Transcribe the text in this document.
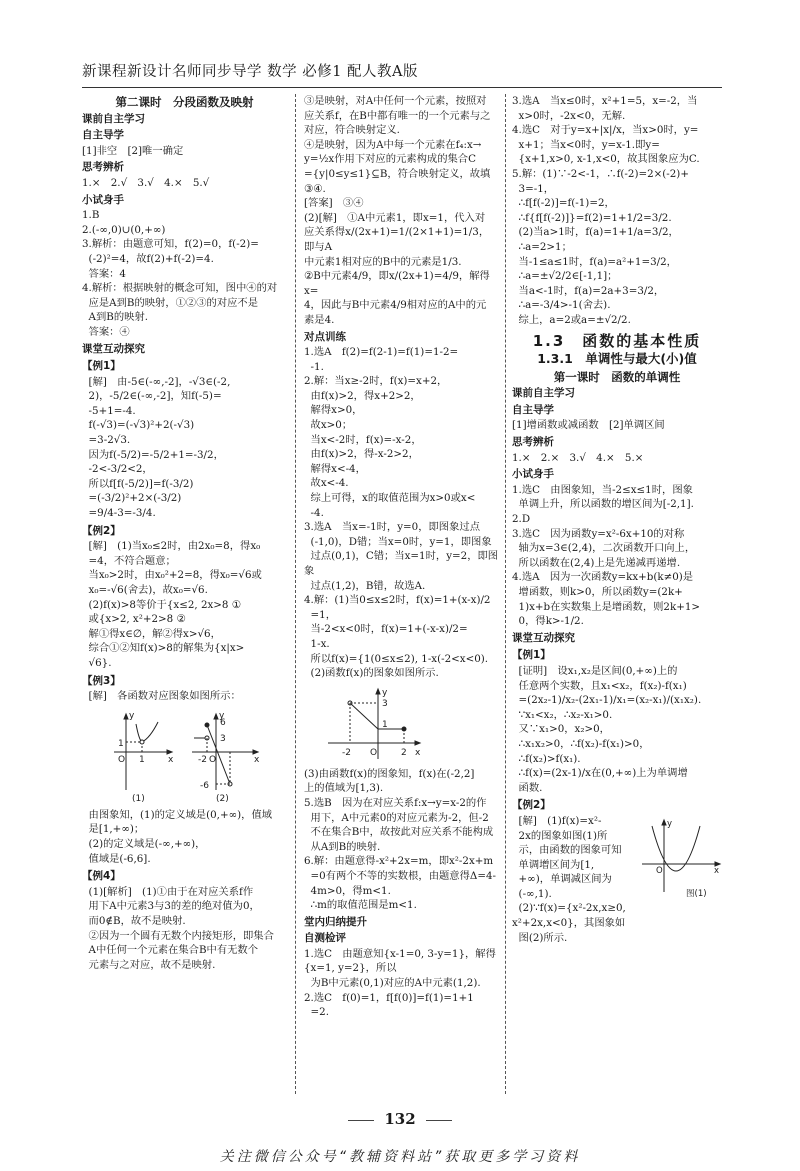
新课程新设计名师同步导学 数学 必修1 配人教A版
第二课时　分段函数及映射
课前自主学习
自主导学
[1]非空　[2]唯一确定
思考辨析
1.×　2.√　3.√　4.×　5.√
小试身手
1.B
2.(-∞,0)∪(0,+∞)
3.解析：由题意可知，f(2)=0，f(-2)=
(-2)²=4，故f(2)+f(-2)=4.
答案：4
4.解析：根据映射的概念可知，图中④的对
应是A到B的映射，①②③的对应不是
A到B的映射.
答案：④
课堂互动探究
【例1】
[解]　由-5∈(-∞,-2]，-√3∈(-2,
2)，-5/2∈(-∞,-2]，知f(-5)=
-5+1=-4.
f(-√3)=(-√3)²+2(-√3)
=3-2√3.
因为f(-5/2)=-5/2+1=-3/2，
-2<-3/2<2，
所以f[f(-5/2)]=f(-3/2)
=(-3/2)²+2×(-3/2)
=9/4-3=-3/4.
【例2】
[解]　(1)当x₀≤2时，由2x₀=8，得x₀
=4，不符合题意；
当x₀>2时，由x₀²+2=8，得x₀=√6或
x₀=-√6(舍去)，故x₀=√6.
(2)f(x)>8等价于{x≤2, 2x>8 ①
或{x>2, x²+2>8 ②
解①得x∈∅，解②得x>√6，
综合①②知f(x)>8的解集为{x|x>
√6}.
【例3】
[解]　各函数对应图象如图所示：
1
O 1	x
y
6
3
-2 O
-6
x
y
(1)	(2)
由图象知，(1)的定义域是(0,+∞)，值域
是[1,+∞)；
(2)的定义域是(-∞,+∞)，
值域是(-6,6].
【例4】
(1)[解析]　(1)①由于在对应关系f作
用下A中元素3与3的差的绝对值为0，
而0∉B，故不是映射.
②因为一个圆有无数个内接矩形，即集合
A中任何一个元素在集合B中有无数个
元素与之对应，故不是映射.
③是映射，对A中任何一个元素，按照对
应关系f，在B中都有唯一的一个元素与之
对应，符合映射定义.
④是映射，因为A中每一个元素在f₄:x→
y=½x作用下对应的元素构成的集合C
={y|0≤y≤1}⊆B，符合映射定义，故填
③④.
[答案]　③④
(2)[解]　①A中元素1，即x=1，代入对
应关系得x/(2x+1)=1/(2×1+1)=1/3，即与A
中元素1相对应的B中的元素是1/3.
②B中元素4/9，即x/(2x+1)=4/9，解得x=
4，因此与B中元素4/9相对应的A中的元
素是4.
对点训练
1.选A　f(2)=f(2-1)=f(1)=1-2=
-1.
2.解：当x≥-2时，f(x)=x+2，
由f(x)>2，得x+2>2，
解得x>0，
故x>0；
当x<-2时，f(x)=-x-2，
由f(x)>2，得-x-2>2，
解得x<-4，
故x<-4.
综上可得，x的取值范围为x>0或x<
-4.
3.选A　当x=-1时，y=0，即图象过点
(-1,0)，D错；当x=0时，y=1，即图象
过点(0,1)，C错；当x=1时，y=2，即图象
过点(1,2)，B错，故选A.
4.解：(1)当0≤x≤2时，f(x)=1+(x-x)/2
=1，
当-2<x<0时，f(x)=1+(-x-x)/2=
1-x.
所以f(x)={1(0≤x≤2), 1-x(-2<x<0).
(2)函数f(x)的图象如图所示.
y
3
1
-2 O	2 x
(3)由函数f(x)的图象知，f(x)在(-2,2]
上的值域为[1,3).
5.选B　因为在对应关系f:x→y=x-2的作
用下，A中元素0的对应元素为-2，但-2
不在集合B中，故按此对应关系不能构成
从A到B的映射.
6.解：由题意得-x²+2x=m，即x²-2x+m
=0有两个不等的实数根，由题意得Δ=4-
4m>0，得m<1.
∴m的取值范围是m<1.
堂内归纳提升
自测检评
1.选C　由题意知{x-1=0, 3-y=1}，解得{x=1, y=2}，所以
为B中元素(0,1)对应的A中元素(1,2).
2.选C　f(0)=1，f[f(0)]=f(1)=1+1
=2.
3.选A　当x≤0时，x²+1=5，x=-2，当
x>0时，-2x<0，无解.
4.选C　对于y=x+|x|/x，当x>0时，y=
x+1；当x<0时，y=x-1.即y=
{x+1,x>0, x-1,x<0，故其图象应为C.
5.解：(1)∵-2<-1，∴f(-2)=2×(-2)+
3=-1，
∴f[f(-2)]=f(-1)=2，
∴f{f[f(-2)]}=f(2)=1+1/2=3/2.
(2)当a>1时，f(a)=1+1/a=3/2，
∴a=2>1；
当-1≤a≤1时，f(a)=a²+1=3/2，
∴a=±√2/2∈[-1,1]；
当a<-1时，f(a)=2a+3=3/2，
∴a=-3/4>-1(舍去).
综上，a=2或a=±√2/2.
1.3　函数的基本性质
1.3.1　单调性与最大(小)值
第一课时　函数的单调性
课前自主学习
自主导学
[1]增函数或减函数　[2]单调区间
思考辨析
1.×　2.×　3.√　4.×　5.×
小试身手
1.选C　由图象知，当-2≤x≤1时，图象
单调上升，所以函数的增区间为[-2,1].
2.D
3.选C　因为函数y=x²-6x+10的对称
轴为x=3∈(2,4)，二次函数开口向上，
所以函数在(2,4)上是先递减再递增.
4.选A　因为一次函数y=kx+b(k≠0)是
增函数，则k>0，所以函数y=(2k+
1)x+b在实数集上是增函数，则2k+1>
0，得k>-1/2.
课堂互动探究
【例1】
[证明]　设x₁,x₂是区间(0,+∞)上的
任意两个实数，且x₁<x₂，f(x₂)-f(x₁)
=(2x₂-1)/x₂-(2x₁-1)/x₁=(x₂-x₁)/(x₁x₂).
∵x₁<x₂，∴x₂-x₁>0.
又∵x₁>0，x₂>0，
∴x₁x₂>0，∴f(x₂)-f(x₁)>0，
∴f(x₂)>f(x₁).
∴f(x)=(2x-1)/x在(0,+∞)上为单调增
函数.
【例2】
y
O	x
图(1)
[解]　(1)f(x)=x²-
2x的图象如图(1)所
示，由函数的图象可知
单调增区间为[1,
+∞)，单调减区间为
(-∞,1).
(2)∵f(x)={x²-2x,x≥0, x²+2x,x<0}，其图象如
图(2)所示.
132
关注微信公众号“教辅资料站”获取更多学习资料
